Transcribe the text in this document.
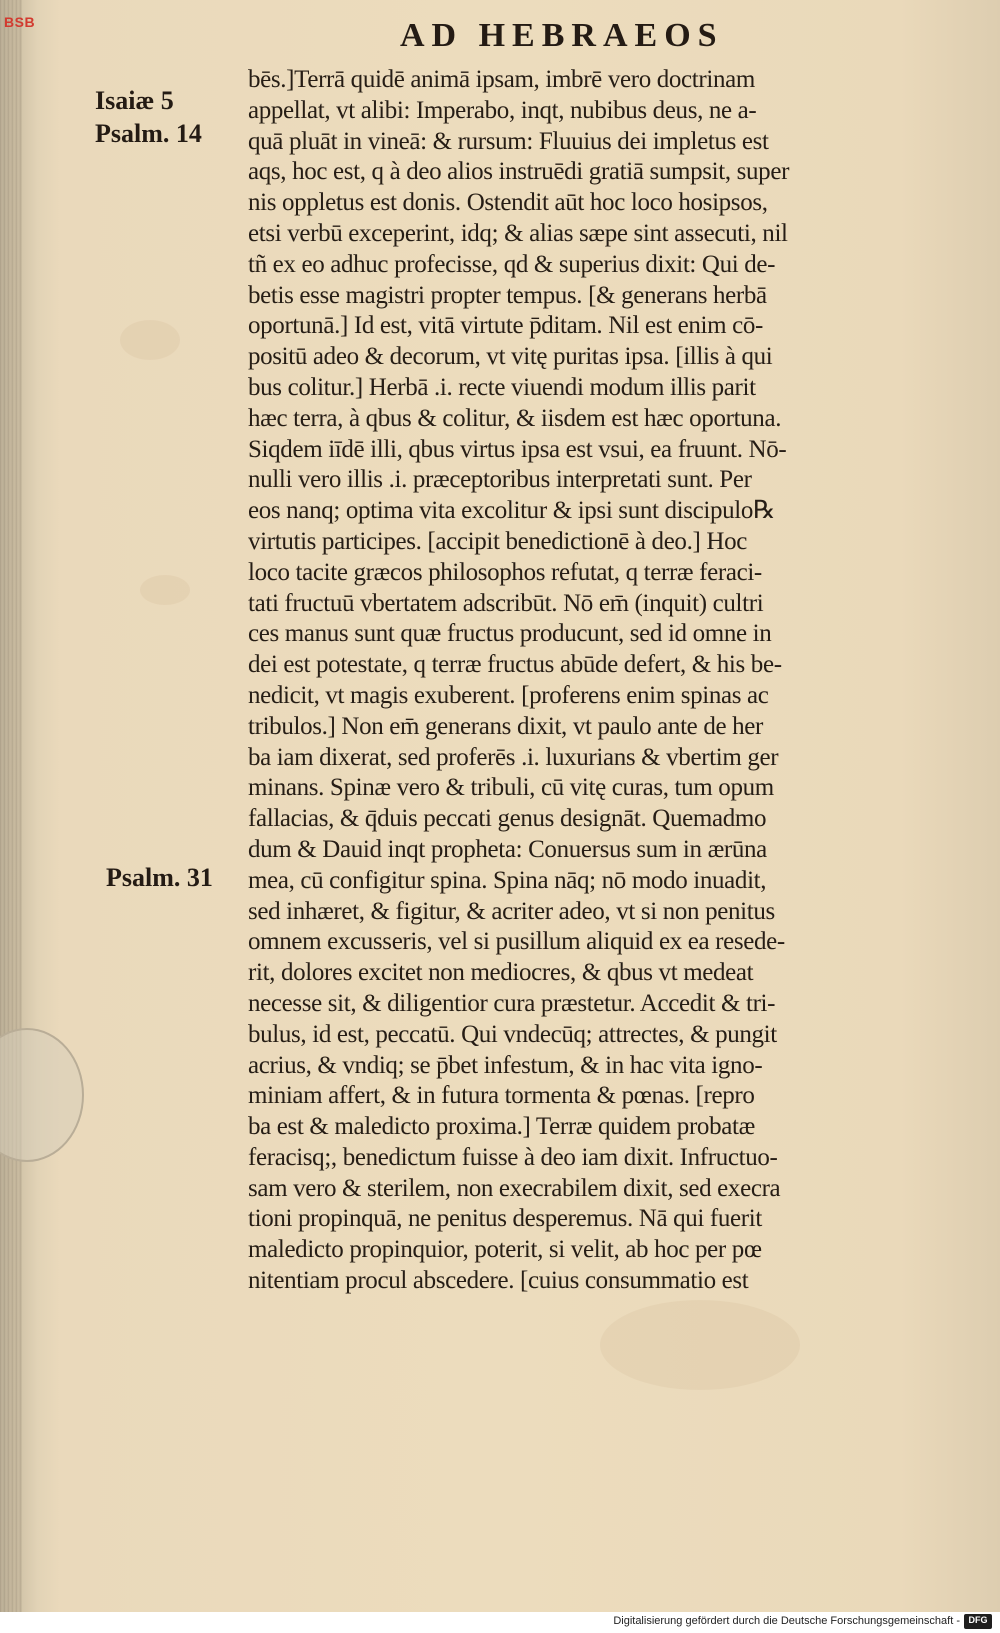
BSB	AD HEBRAEOS
Isaiæ 5
Psalm. 14
Psalm. 31
bēs.]Terrā quidē animā ipsam, imbrē vero doctrinam
appellat, vt alibi: Imperabo, inqt, nubibus deus, ne a-
quā pluāt in vineā: & rursum: Fluuius dei impletus est
aqs, hoc est, q à deo alios instruēdi gratiā sumpsit, super
nis oppletus est donis. Ostendit aūt hoc loco hosipsos,
etsi verbū exceperint, idq; & alias sæpe sint assecuti, nil
tñ ex eo adhuc profecisse, qd & superius dixit: Qui de-
betis esse magistri propter tempus. [& generans herbā
oportunā.] Id est, vitā virtute p̄ditam. Nil est enim cō-
positū adeo & decorum, vt vitę puritas ipsa. [illis à qui
bus colitur.] Herbā .i. recte viuendi modum illis parit
hæc terra, à qbus & colitur, & iisdem est hæc oportuna.
Siqdem iīdē illi, qbus virtus ipsa est vsui, ea fruunt. Nō-
nulli vero illis .i. præceptoribus interpretati sunt. Per
eos nanq; optima vita excolitur & ipsi sunt discipulo℞
virtutis participes. [accipit benedictionē à deo.] Hoc
loco tacite græcos philosophos refutat, q terræ feraci-
tati fructuū vbertatem adscribūt. Nō em̄ (inquit) cultri
ces manus sunt quæ fructus producunt, sed id omne in
dei est potestate, q terræ fructus abūde defert, & his be-
nedicit, vt magis exuberent. [proferens enim spinas ac
tribulos.] Non em̄ generans dixit, vt paulo ante de her
ba iam dixerat, sed proferēs .i. luxurians & vbertim ger
minans. Spinæ vero & tribuli, cū vitę curas, tum opum
fallacias, & q̄duis peccati genus designāt. Quemadmo
dum & Dauid inqt propheta: Conuersus sum in ærūna
mea, cū configitur spina. Spina nāq; nō modo inuadit,
sed inhæret, & figitur, & acriter adeo, vt si non penitus
omnem excusseris, vel si pusillum aliquid ex ea resede-
rit, dolores excitet non mediocres, & qbus vt medeat
necesse sit, & diligentior cura præstetur. Accedit & tri-
bulus, id est, peccatū. Qui vndecūq; attrectes, & pungit
acrius, & vndiq; se p̄bet infestum, & in hac vita igno-
miniam affert, & in futura tormenta & pœnas. [repro
ba est & maledicto proxima.] Terræ quidem probatæ
feracisq;, benedictum fuisse à deo iam dixit. Infructuo-
sam vero & sterilem, non execrabilem dixit, sed execra
tioni propinquā, ne penitus desperemus. Nā qui fuerit
maledicto propinquior, poterit, si velit, ab hoc per pœ
nitentiam procul abscedere. [cuius consummatio est
Digitalisierung gefördert durch die Deutsche Forschungsgemeinschaft - DFG
